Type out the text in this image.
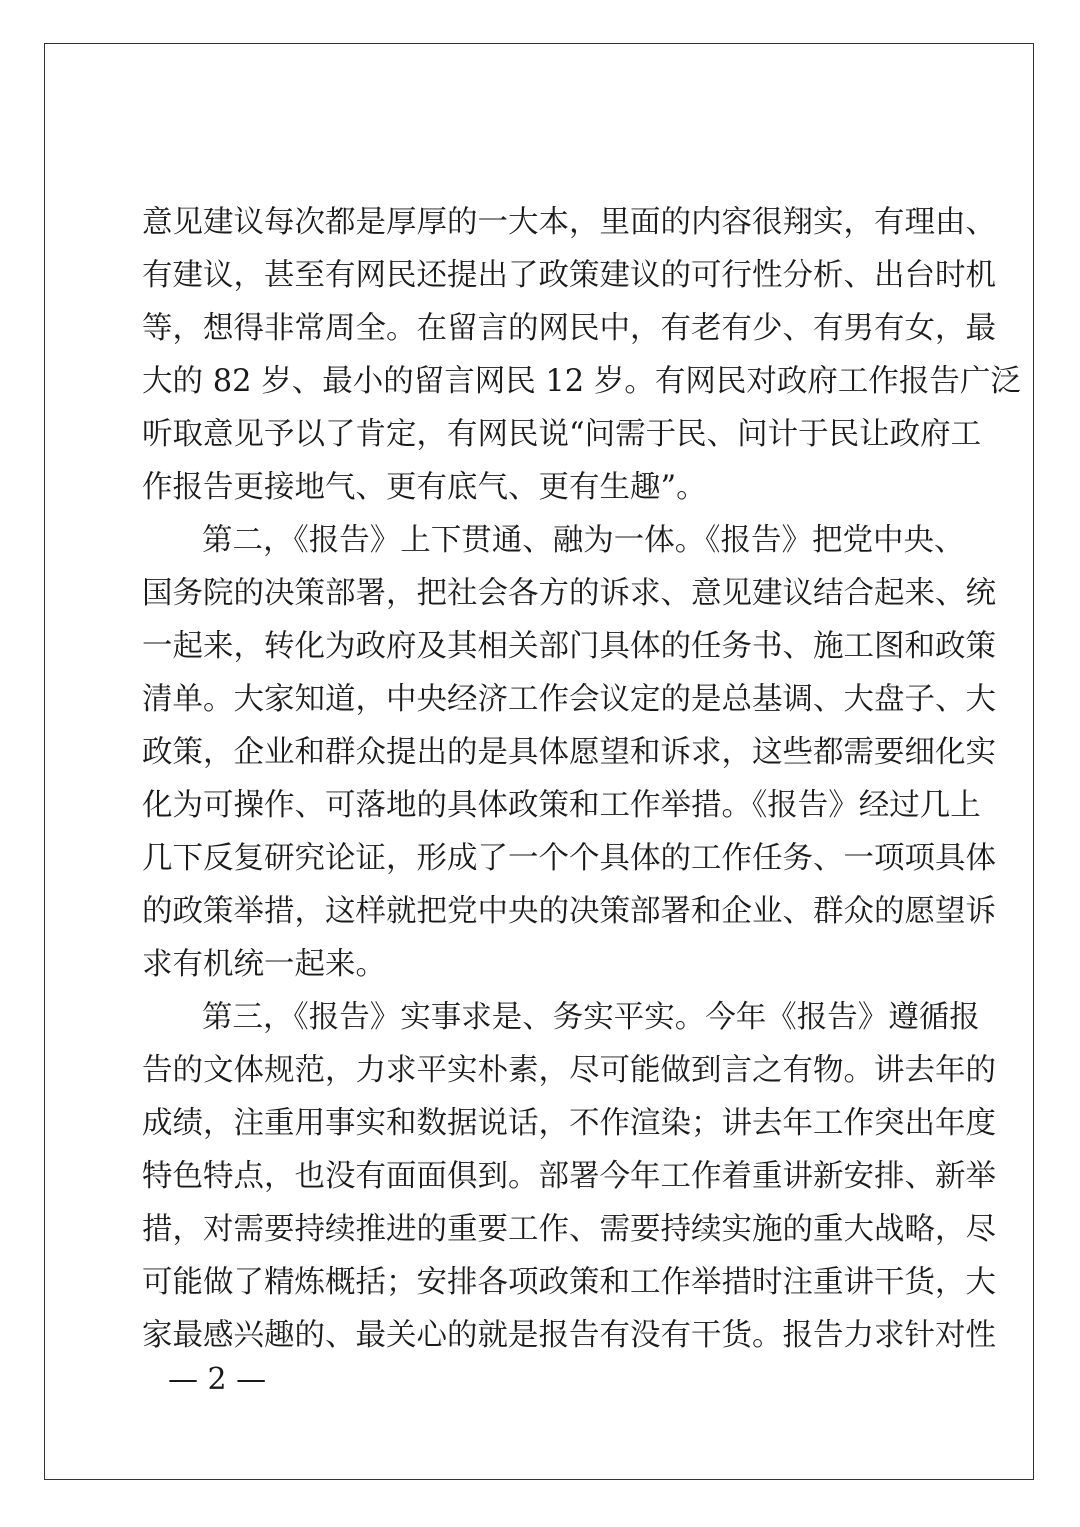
意见建议每次都是厚厚的一大本，里面的内容很翔实，有理由、
有建议，甚至有网民还提出了政策建议的可行性分析、出台时机
等，想得非常周全。在留言的网民中，有老有少、有男有女，最
大的 82 岁、最小的留言网民 12 岁。有网民对政府工作报告广泛
听取意见予以了肯定，有网民说“问需于民、问计于民让政府工
作报告更接地气、更有底气、更有生趣”。
第二，《报告》上下贯通、融为一体。《报告》把党中央、
国务院的决策部署，把社会各方的诉求、意见建议结合起来、统
一起来，转化为政府及其相关部门具体的任务书、施工图和政策
清单。大家知道，中央经济工作会议定的是总基调、大盘子、大
政策，企业和群众提出的是具体愿望和诉求，这些都需要细化实
化为可操作、可落地的具体政策和工作举措。《报告》经过几上
几下反复研究论证，形成了一个个具体的工作任务、一项项具体
的政策举措，这样就把党中央的决策部署和企业、群众的愿望诉
求有机统一起来。
第三，《报告》实事求是、务实平实。今年《报告》遵循报
告的文体规范，力求平实朴素，尽可能做到言之有物。讲去年的
成绩，注重用事实和数据说话，不作渲染；讲去年工作突出年度
特色特点，也没有面面俱到。部署今年工作着重讲新安排、新举
措，对需要持续推进的重要工作、需要持续实施的重大战略，尽
可能做了精炼概括；安排各项政策和工作举措时注重讲干货，大
家最感兴趣的、最关心的就是报告有没有干货。报告力求针对性
— 2 —
